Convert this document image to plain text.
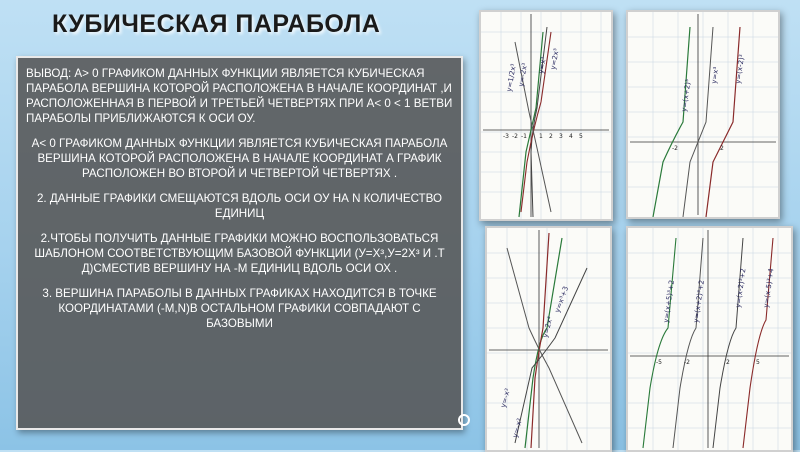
КУБИЧЕСКАЯ ПАРАБОЛА

ВЫВОД: А> 0 ГРАФИКОМ ДАННЫХ ФУНКЦИИ ЯВЛЯЕТСЯ КУБИЧЕСКАЯ ПАРАБОЛА ВЕРШИНА КОТОРОЙ РАСПОЛОЖЕНА В НАЧАЛЕ КООРДИНАТ ,И РАСПОЛОЖЕННАЯ В ПЕРВОЙ И ТРЕТЬЕЙ ЧЕТВЕРТЯХ ПРИ А< 0 < 1 ВЕТВИ ПАРАБОЛЫ ПРИБЛИЖАЮТСЯ К ОСИ ОУ.

А< 0 ГРАФИКОМ ДАННЫХ ФУНКЦИИ ЯВЛЯЕТСЯ КУБИЧЕСКАЯ ПАРАБОЛА ВЕРШИНА КОТОРОЙ РАСПОЛОЖЕНА В НАЧАЛЕ КООРДИНАТ А ГРАФИК РАСПОЛОЖЕН ВО ВТОРОЙ И ЧЕТВЕРТОЙ ЧЕТВЕРТЯХ .

2. ДАННЫЕ ГРАФИКИ СМЕЩАЮТСЯ ВДОЛЬ ОСИ ОУ НА N КОЛИЧЕСТВО ЕДИНИЦ

2.ЧТОБЫ ПОЛУЧИТЬ ДАННЫЕ ГРАФИКИ МОЖНО ВОСПОЛЬЗОВАТЬСЯ ШАБЛОНОМ СООТВЕТСТВУЮЩИМ БАЗОВОЙ ФУНКЦИИ (У=Х³,У=2Х³ И .Т Д)СМЕСТИВ ВЕРШИНУ НА -М ЕДИНИЦ ВДОЛЬ ОСИ ОХ .

3. ВЕРШИНА ПАРАБОЛЫ В ДАННЫХ ГРАФИКАХ НАХОДИТСЯ В ТОЧКЕ КООРДИНАТАМИ (-М,N)В ОСТАЛЬНОМ ГРАФИКИ СОВПАДАЮТ С БАЗОВЫМИ

у=1/2х³ у=-2х³ у=х³ у=2х³
-3 -2 -1 1 2 3 4 5
у=(х+2)³
у=х³ у=(х-2)³
-2	2
у=х³+3
у=2х³
у=-х³
у=-х³
у=(х+5)³+2 у=(х+2)³+2	у=(х-2)³+2 у=(х-5)³+4
-5	-2	2	5
